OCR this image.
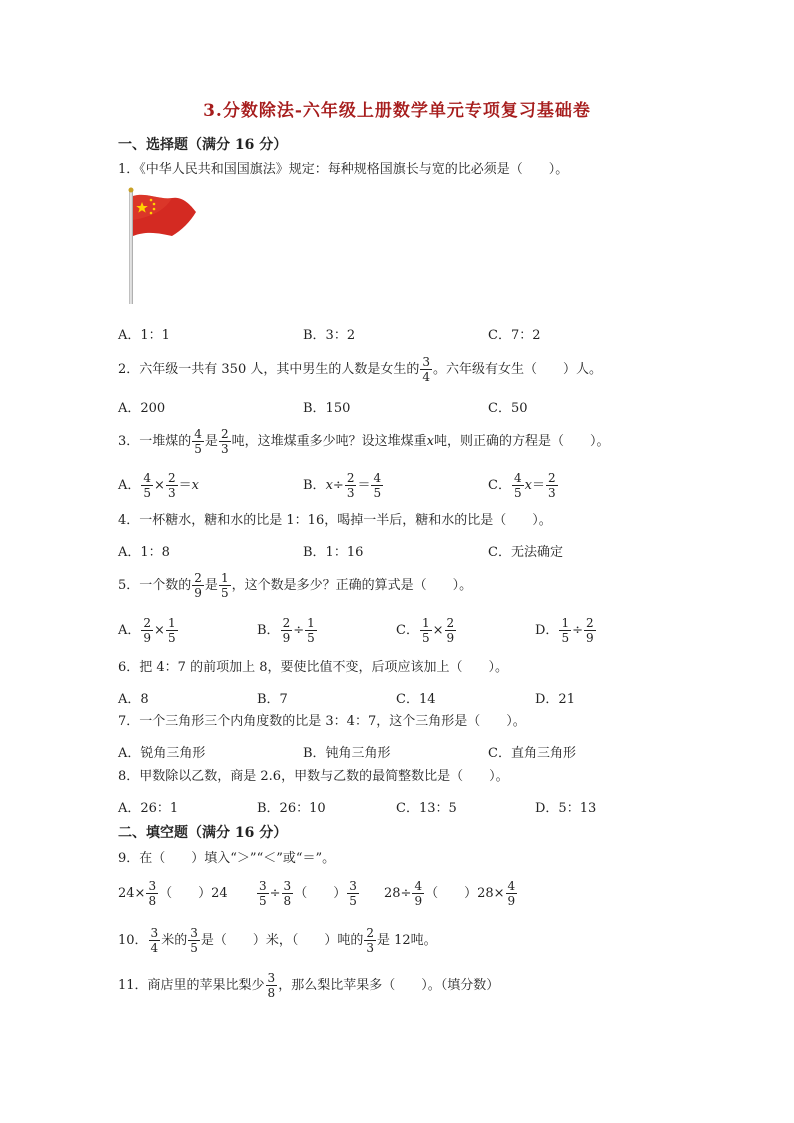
3.分数除法-六年级上册数学单元专项复习基础卷
一、选择题（满分 16 分）
1．《中华人民共和国国旗法》规定：每种规格国旗长与宽的比必须是（　　）。
A．1：1	B．3：2	C．7：2
2．六年级一共有 350 人，其中男生的人数是女生的 $\frac{3}{4}$ 。六年级有女生（　　）人。
A．200	B．150	C．50
3．一堆煤的 $\frac{4}{5}$ 是 $\frac{2}{3}$ 吨，这堆煤重多少吨？设这堆煤重x吨，则正确的方程是（　　）。
A． $\frac{4}{5} \times \frac{2}{3} =x$	B．$x\div \frac{2}{3} = \frac{4}{5}$	C． $\frac{4}{5} x= \frac{2}{3}$
4．一杯糖水，糖和水的比是 1：16，喝掉一半后，糖和水的比是（　　）。
A．1：8	B．1：16	C．无法确定
5．一个数的 $\frac{2}{9}$ 是 $\frac{1}{5}$ ，这个数是多少？正确的算式是（　　）。
A． $\frac{2}{9} \times \frac{1}{5}$	B． $\frac{2}{9} \div \frac{1}{5}$	C． $\frac{1}{5} \times \frac{2}{9}$	D． $\frac{1}{5} \div \frac{2}{9}$
6．把 4：7 的前项加上 8，要使比值不变，后项应该加上（　　）。
A．8	B．7	C．14	D．21
7．一个三角形三个内角度数的比是 3：4：7，这个三角形是（　　）。
A．锐角三角形	B．钝角三角形	C．直角三角形
8．甲数除以乙数，商是 2.6，甲数与乙数的最简整数比是（　　）。
A．26：1	B．26：10	C．13：5	D．5：13
二、填空题（满分 16 分）
9．在（　　）填入“＞”“＜”或“＝”。
$24\times \frac{3}{8}$ （　　）$24 \frac{3}{5} \div \frac{3}{8}$ （　　） $\frac{3}{5} 28\div \frac{4}{9}$ （　　）$28\times \frac{4}{9}$
10． $\frac{3}{4}$ 米的 $\frac{3}{5}$ 是（　　）米，（　　）吨的 $\frac{2}{3}$ 是 12吨。
11．商店里的苹果比梨少 $\frac{3}{8}$ ，那么梨比苹果多（　　）。（填分数）
